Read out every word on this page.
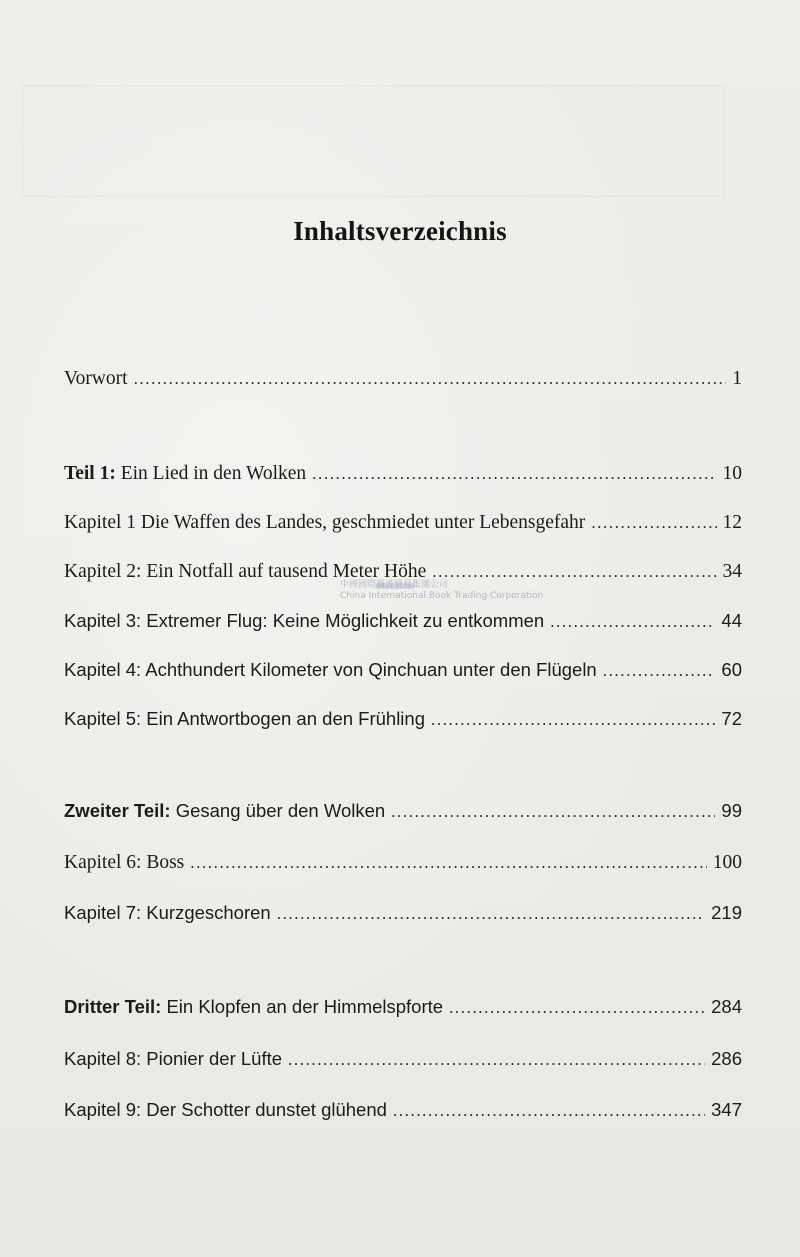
Inhaltsverzeichnis
Vorwort .....	1
Teil 1: Ein Lied in den Wolken .....	10
Kapitel 1 Die Waffen des Landes, geschmiedet unter Lebensgefahr .....	12
Kapitel 2: Ein Notfall auf tausend Meter Höhe .....	34
Kapitel 3: Extremer Flug: Keine Möglichkeit zu entkommen .....	44
Kapitel 4: Achthundert Kilometer von Qinchuan unter den Flügeln .....	60
Kapitel 5: Ein Antwortbogen an den Frühling .....	72
Zweiter Teil: Gesang über den Wolken .....	99
Kapitel 6: Boss .....	100
Kapitel 7: Kurzgeschoren .....	219
Dritter Teil: Ein Klopfen an der Himmelspforte .....	284
Kapitel 8: Pionier der Lüfte .....	286
Kapitel 9: Der Schotter dunstet glühend .....	347
中國國際圖書貿易集團公司
China International Book Trading Corporation
